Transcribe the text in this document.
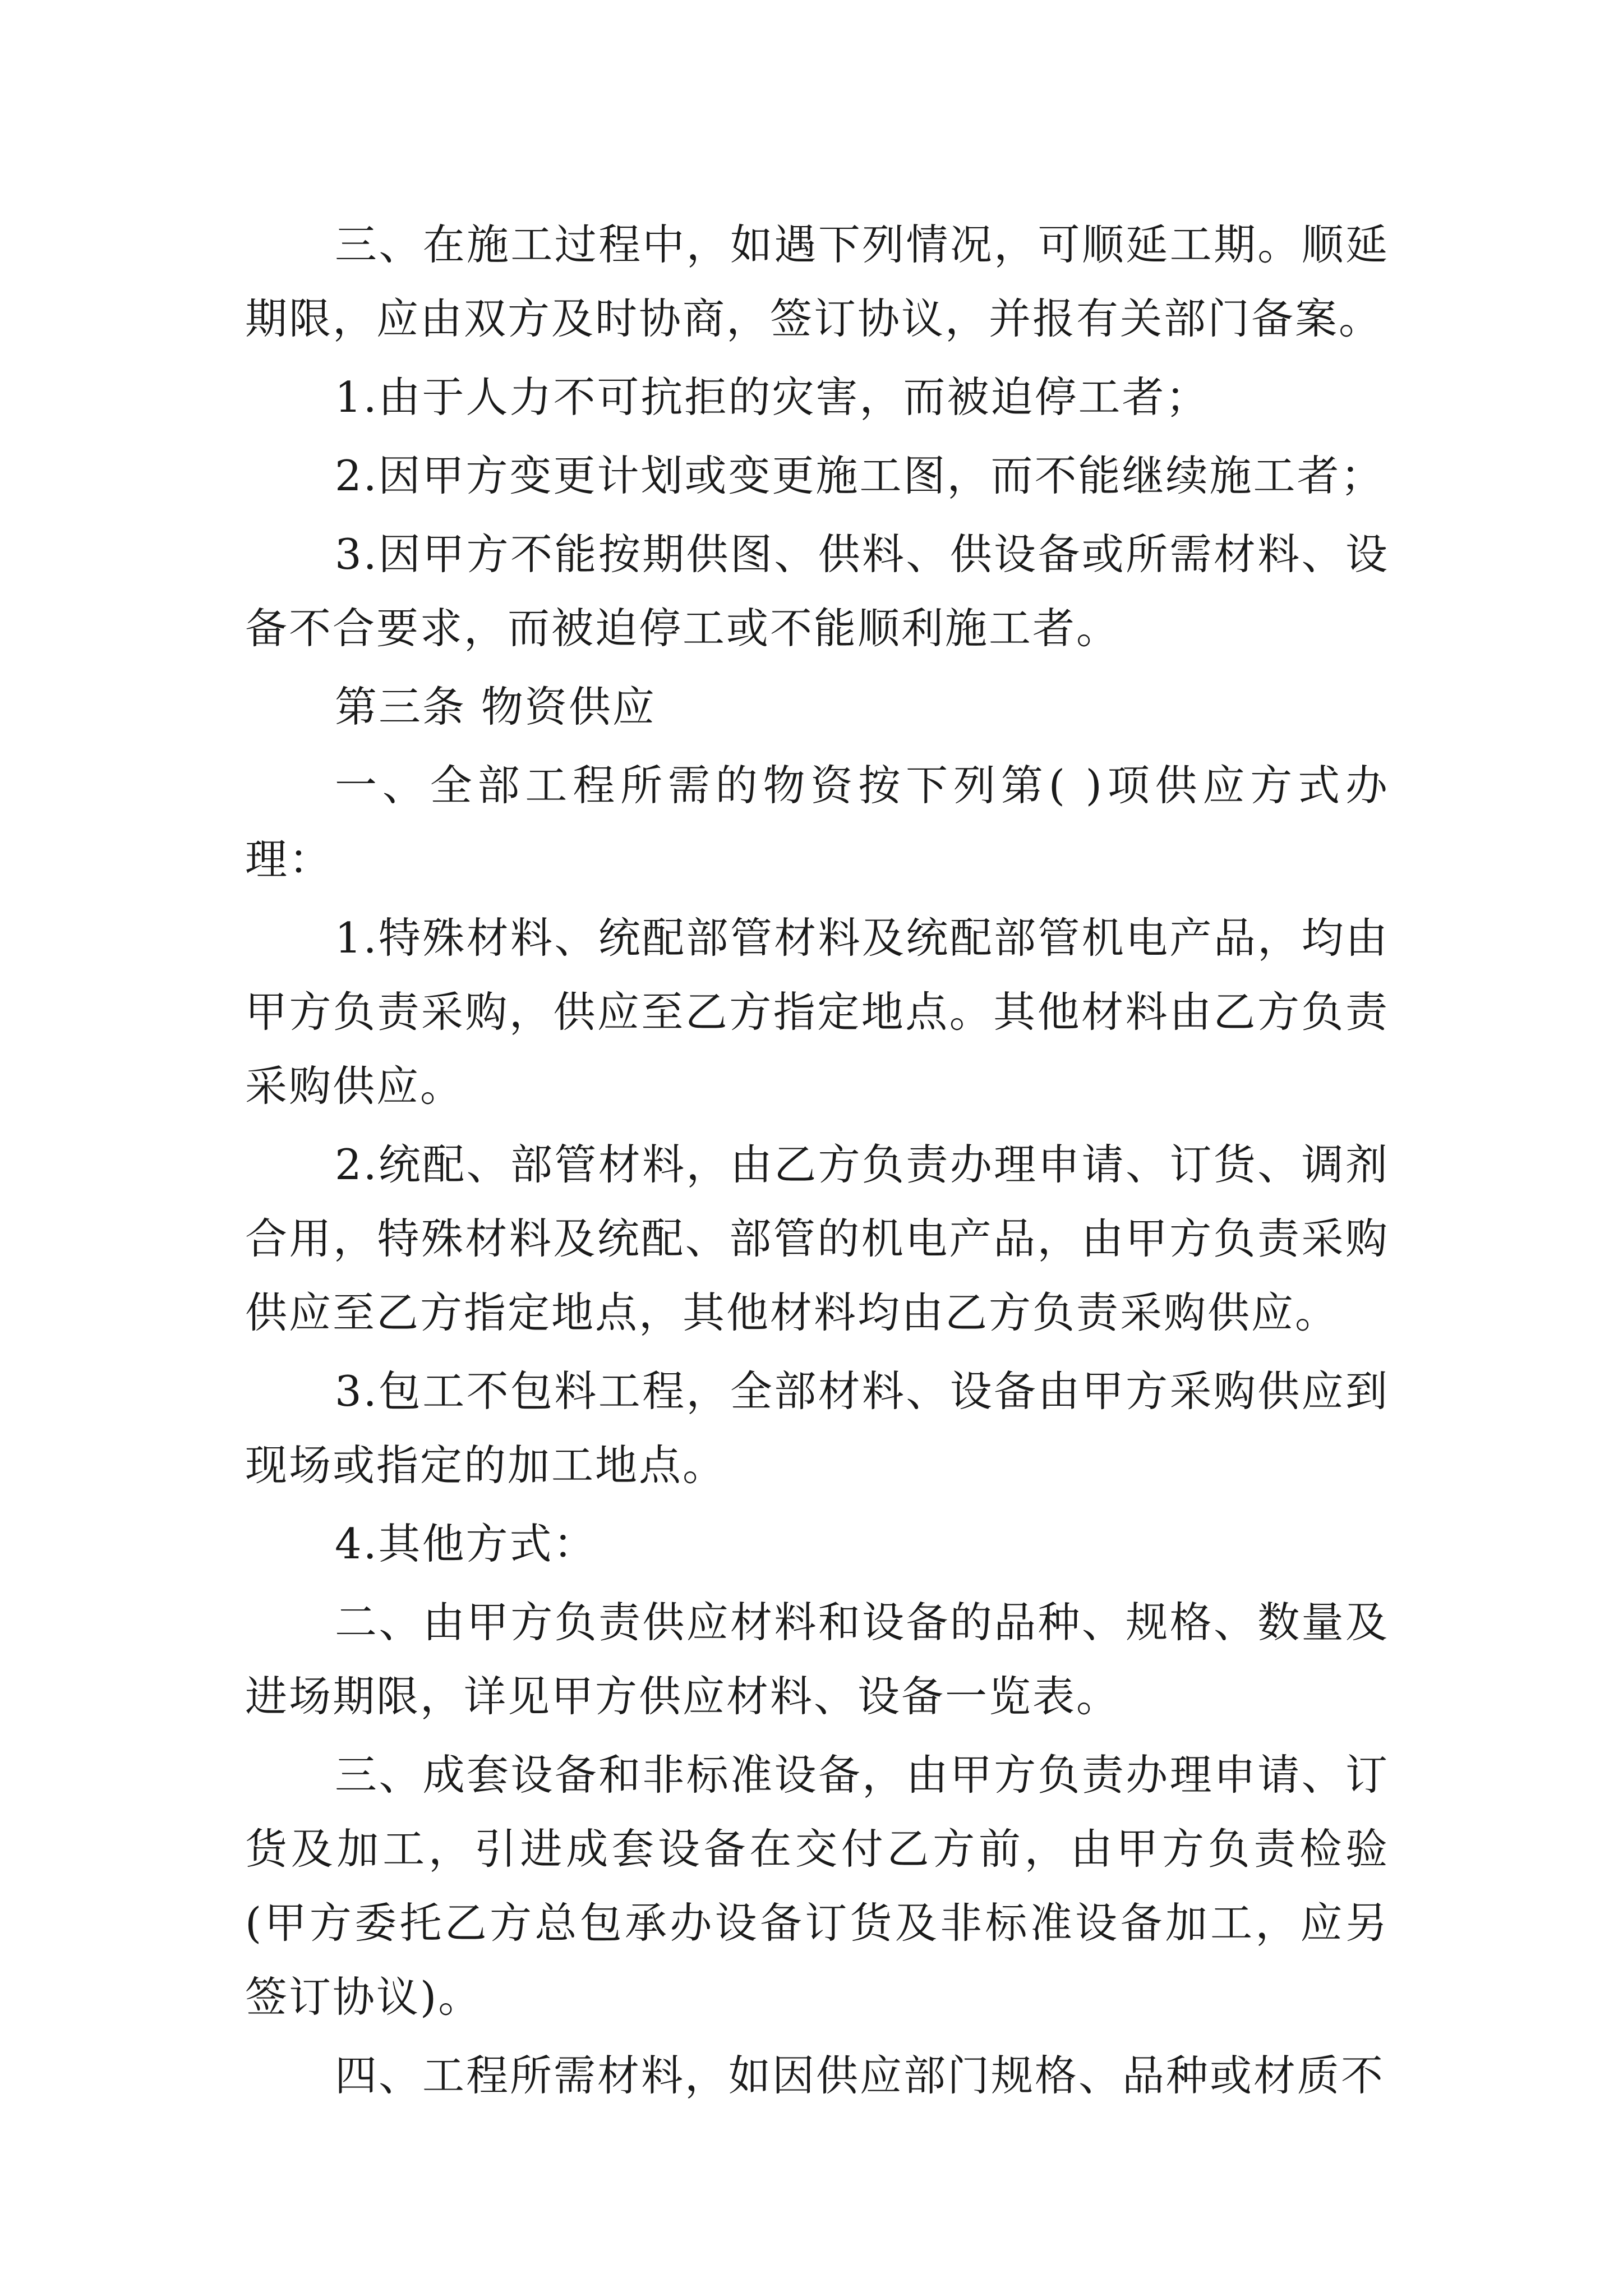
三、在施工过程中，如遇下列情况，可顺延工期。顺延期限，应由双方及时协商，签订协议，并报有关部门备案。

1.由于人力不可抗拒的灾害，而被迫停工者；

2.因甲方变更计划或变更施工图，而不能继续施工者；

3.因甲方不能按期供图、供料、供设备或所需材料、设备不合要求，而被迫停工或不能顺利施工者。

第三条 物资供应

一、全部工程所需的物资按下列第( )项供应方式办理：

1.特殊材料、统配部管材料及统配部管机电产品，均由甲方负责采购，供应至乙方指定地点。其他材料由乙方负责采购供应。

2.统配、部管材料，由乙方负责办理申请、订货、调剂合用，特殊材料及统配、部管的机电产品，由甲方负责采购供应至乙方指定地点，其他材料均由乙方负责采购供应。

3.包工不包料工程，全部材料、设备由甲方采购供应到现场或指定的加工地点。

4.其他方式：

二、由甲方负责供应材料和设备的品种、规格、数量及进场期限，详见甲方供应材料、设备一览表。

三、成套设备和非标准设备，由甲方负责办理申请、订货及加工，引进成套设备在交付乙方前，由甲方负责检验(甲方委托乙方总包承办设备订货及非标准设备加工，应另签订协议)。

四、工程所需材料，如因供应部门规格、品种或材质不
